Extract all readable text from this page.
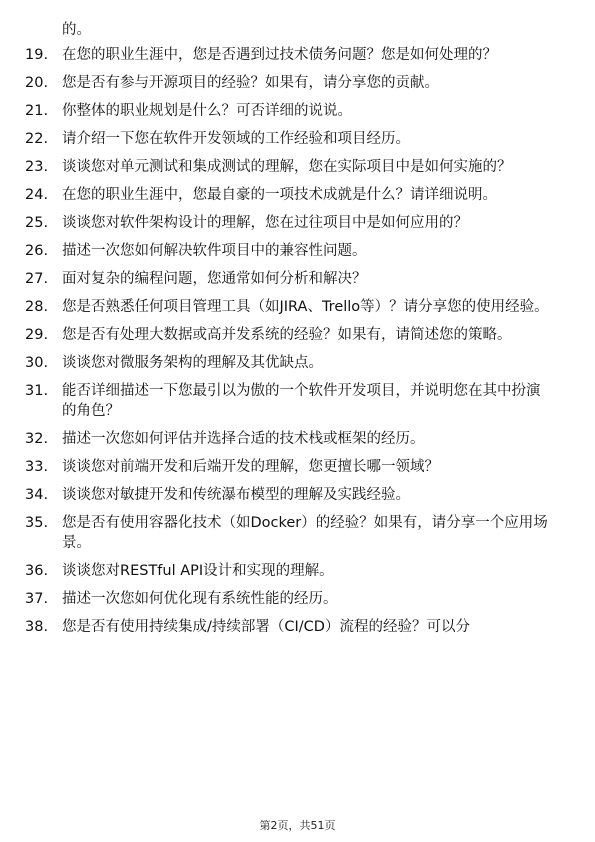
的。
19. 在您的职业生涯中，您是否遇到过技术债务问题？您是如何处理的？
20. 您是否有参与开源项目的经验？如果有，请分享您的贡献。
21. 你整体的职业规划是什么？可否详细的说说。
22. 请介绍一下您在软件开发领域的工作经验和项目经历。
23. 谈谈您对单元测试和集成测试的理解，您在实际项目中是如何实施的？
24. 在您的职业生涯中，您最自豪的一项技术成就是什么？请详细说明。
25. 谈谈您对软件架构设计的理解，您在过往项目中是如何应用的？
26. 描述一次您如何解决软件项目中的兼容性问题。
27. 面对复杂的编程问题，您通常如何分析和解决？
28. 您是否熟悉任何项目管理工具（如JIRA、Trello等）？请分享您的使用经验。
29. 您是否有处理大数据或高并发系统的经验？如果有，请简述您的策略。
30. 谈谈您对微服务架构的理解及其优缺点。
31. 能否详细描述一下您最引以为傲的一个软件开发项目，并说明您在其中扮演的角色？
32. 描述一次您如何评估并选择合适的技术栈或框架的经历。
33. 谈谈您对前端开发和后端开发的理解，您更擅长哪一领域？
34. 谈谈您对敏捷开发和传统瀑布模型的理解及实践经验。
35. 您是否有使用容器化技术（如Docker）的经验？如果有，请分享一个应用场景。
36. 谈谈您对RESTful API设计和实现的理解。
37. 描述一次您如何优化现有系统性能的经历。
38. 您是否有使用持续集成/持续部署（CI/CD）流程的经验？可以分
第2页，共51页
